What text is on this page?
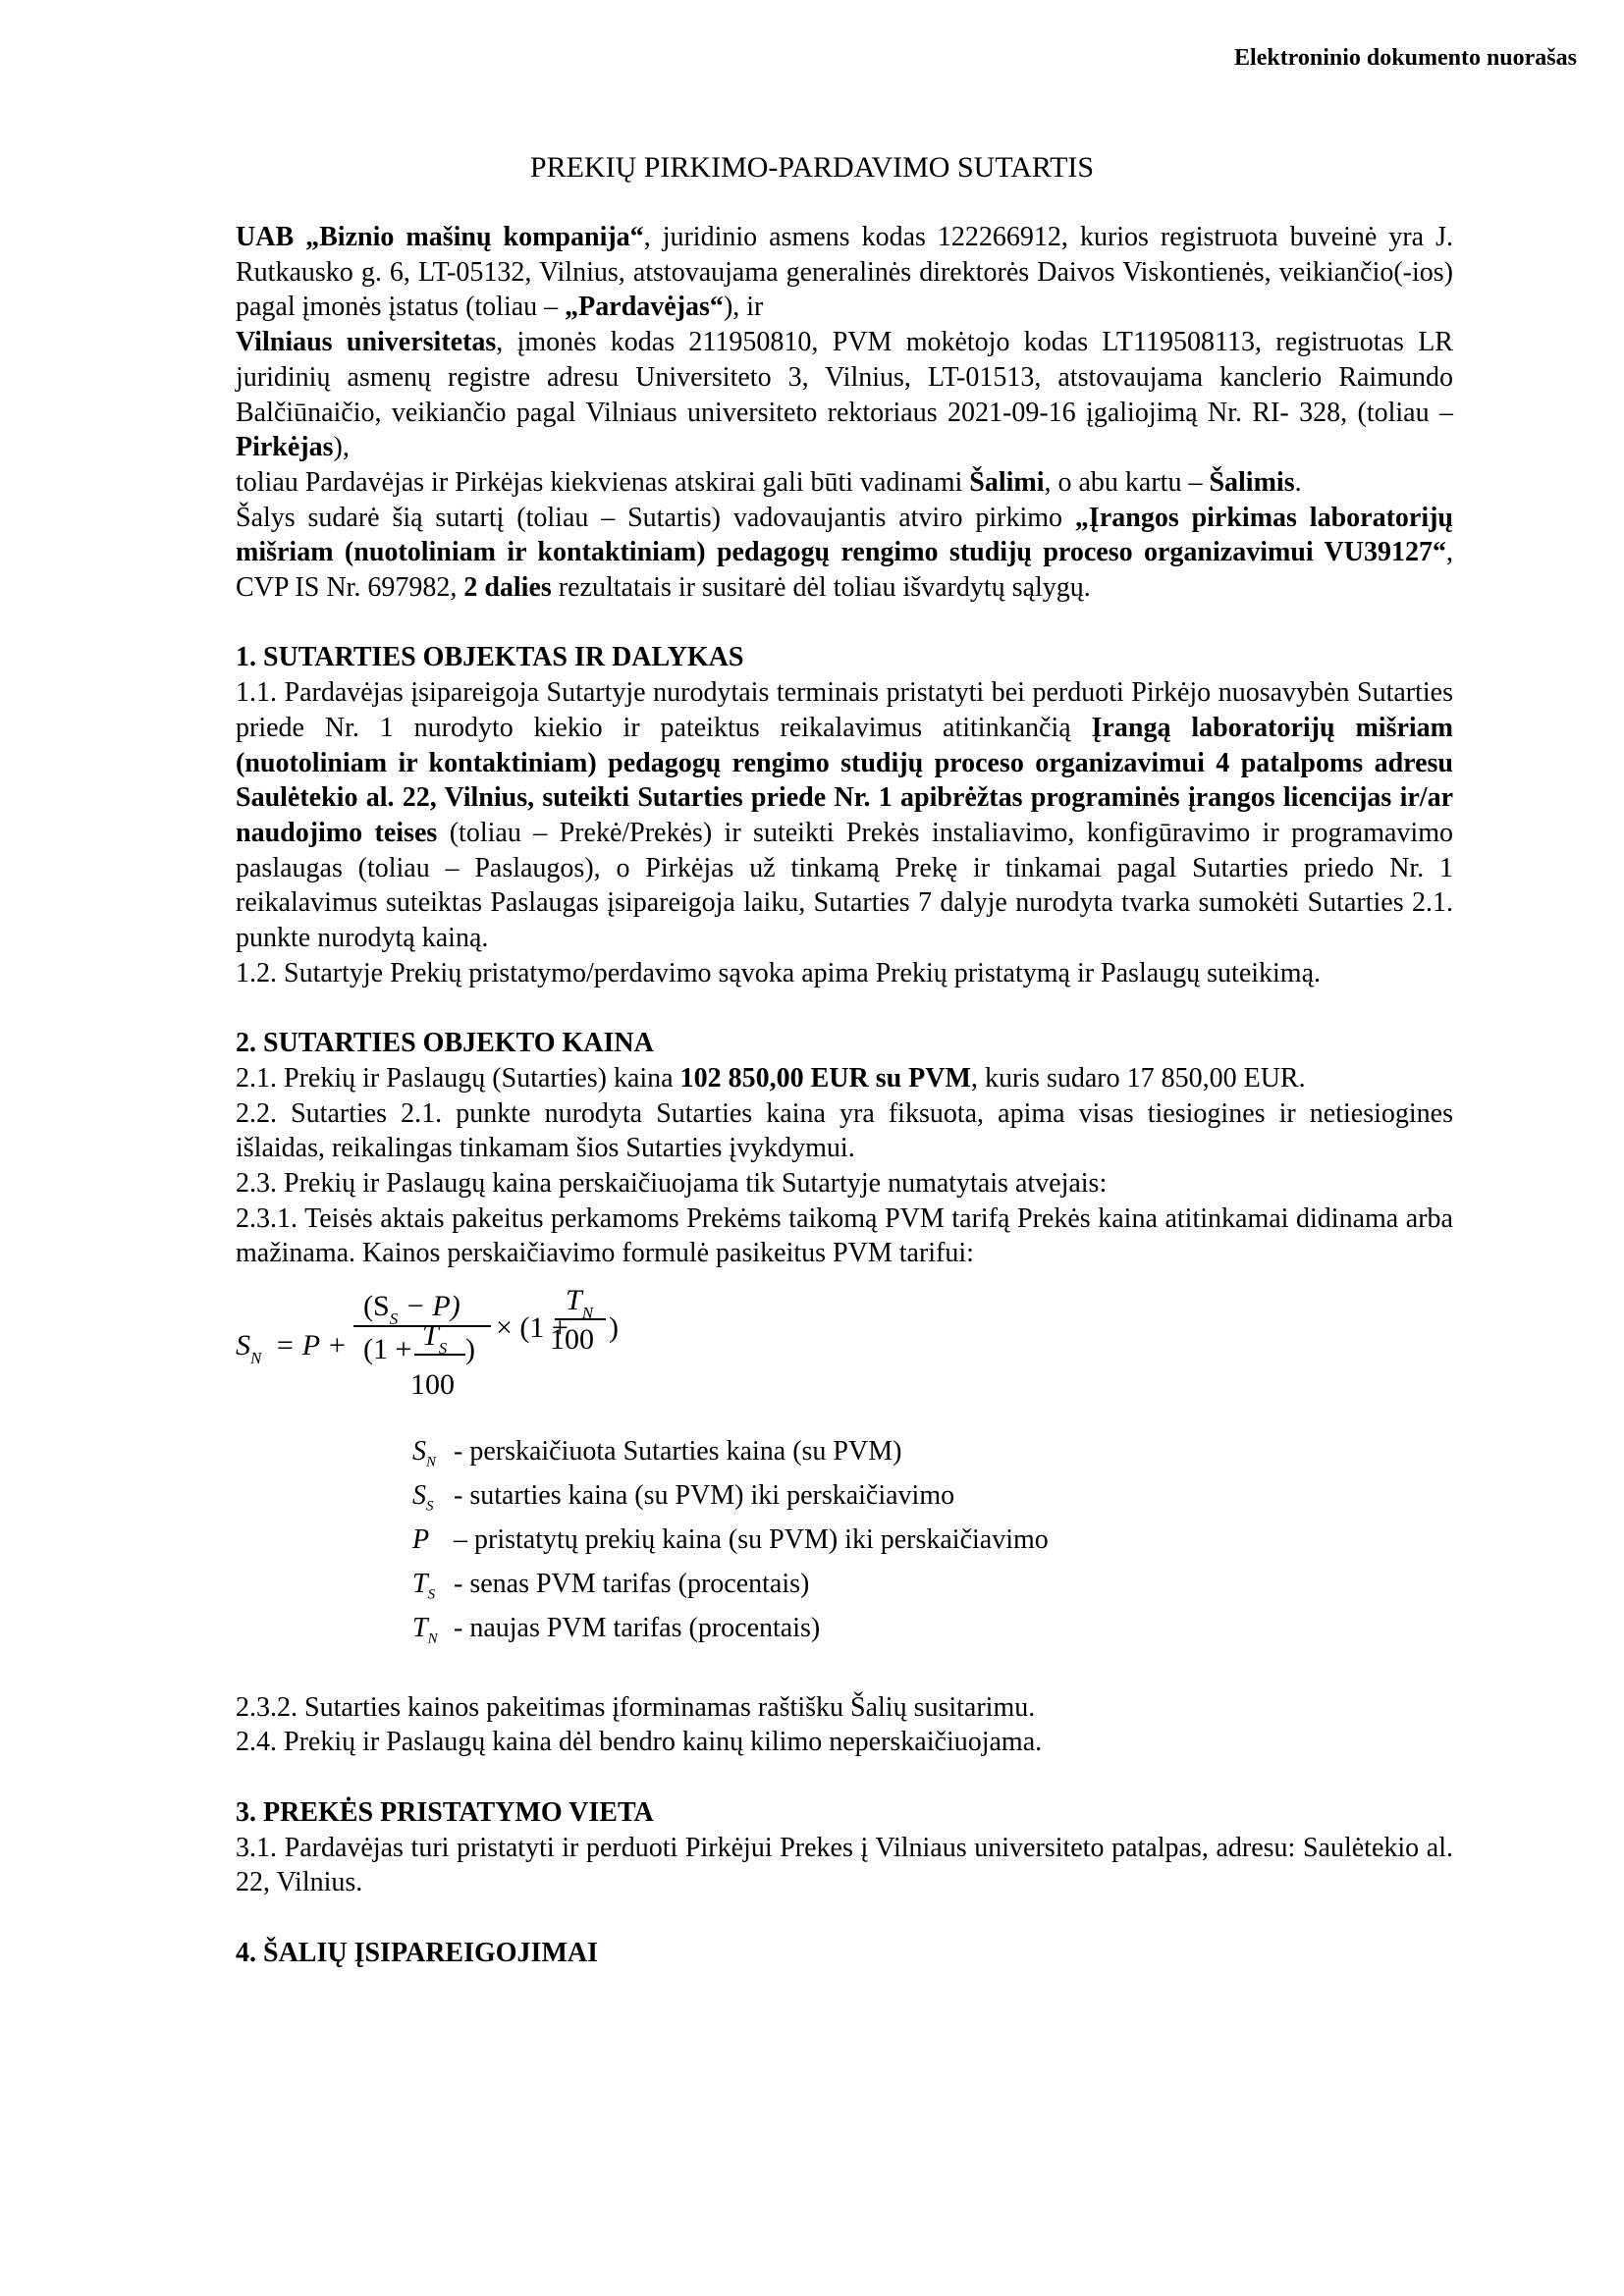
Elektroninio dokumento nuorašas
PREKIŲ PIRKIMO-PARDAVIMO SUTARTIS

UAB „Biznio mašinų kompanija“, juridinio asmens kodas 122266912, kurios registruota buveinė yra J. Rutkausko g. 6, LT-05132, Vilnius, atstovaujama generalinės direktorės Daivos Viskontienės, veikiančio(-ios) pagal įmonės įstatus (toliau – „Pardavėjas“), ir

Vilniaus universitetas, įmonės kodas 211950810, PVM mokėtojo kodas LT119508113, registruotas LR juridinių asmenų registre adresu Universiteto 3, Vilnius, LT-01513, atstovaujama kanclerio Raimundo Balčiūnaičio, veikiančio pagal Vilniaus universiteto rektoriaus 2021-09-16 įgaliojimą Nr. RI- 328, (toliau – Pirkėjas),

toliau Pardavėjas ir Pirkėjas kiekvienas atskirai gali būti vadinami Šalimi, o abu kartu – Šalimis.

Šalys sudarė šią sutartį (toliau – Sutartis) vadovaujantis atviro pirkimo „Įrangos pirkimas laboratorijų mišriam (nuotoliniam ir kontaktiniam) pedagogų rengimo studijų proceso organizavimui VU39127“, CVP IS Nr. 697982, 2 dalies rezultatais ir susitarė dėl toliau išvardytų sąlygų.

1. SUTARTIES OBJEKTAS IR DALYKAS

1.1. Pardavėjas įsipareigoja Sutartyje nurodytais terminais pristatyti bei perduoti Pirkėjo nuosavybėn Sutarties priede Nr. 1 nurodyto kiekio ir pateiktus reikalavimus atitinkančią Įrangą laboratorijų mišriam (nuotoliniam ir kontaktiniam) pedagogų rengimo studijų proceso organizavimui 4 patalpoms adresu Saulėtekio al. 22, Vilnius, suteikti Sutarties priede Nr. 1 apibrėžtas programinės įrangos licencijas ir/ar naudojimo teises (toliau – Prekė/Prekės) ir suteikti Prekės instaliavimo, konfigūravimo ir programavimo paslaugas (toliau – Paslaugos), o Pirkėjas už tinkamą Prekę ir tinkamai pagal Sutarties priedo Nr. 1 reikalavimus suteiktas Paslaugas įsipareigoja laiku, Sutarties 7 dalyje nurodyta tvarka sumokėti Sutarties 2.1. punkte nurodytą kainą.

1.2. Sutartyje Prekių pristatymo/perdavimo sąvoka apima Prekių pristatymą ir Paslaugų suteikimą.

2. SUTARTIES OBJEKTO KAINA

2.1. Prekių ir Paslaugų (Sutarties) kaina 102 850,00 EUR su PVM, kuris sudaro 17 850,00 EUR.

2.2. Sutarties 2.1. punkte nurodyta Sutarties kaina yra fiksuota, apima visas tiesiogines ir netiesiogines išlaidas, reikalingas tinkamam šios Sutarties įvykdymui.

2.3. Prekių ir Paslaugų kaina perskaičiuojama tik Sutartyje numatytais atvejais:

2.3.1. Teisės aktais pakeitus perkamoms Prekėms taikomą PVM tarifą Prekės kaina atitinkamai didinama arba mažinama. Kainos perskaičiavimo formulė pasikeitus PVM tarifui:

$S_N = P$ +
$(S_S - P)$
($1 + T_S$ )
100
× (1 +
$T_N$
100 )
$S_N$ - perskaičiuota Sutarties kaina (su PVM)
$S_S$ - sutarties kaina (su PVM) iki perskaičiavimo
P – pristatytų prekių kaina (su PVM) iki perskaičiavimo
$T_S$ - senas PVM tarifas (procentais)
$T_N$ - naujas PVM tarifas (procentais)

2.3.2. Sutarties kainos pakeitimas įforminamas raštišku Šalių susitarimu.

2.4. Prekių ir Paslaugų kaina dėl bendro kainų kilimo neperskaičiuojama.

3. PREKĖS PRISTATYMO VIETA

3.1. Pardavėjas turi pristatyti ir perduoti Pirkėjui Prekes į Vilniaus universiteto patalpas, adresu: Saulėtekio al. 22, Vilnius.

4. ŠALIŲ ĮSIPAREIGOJIMAI
